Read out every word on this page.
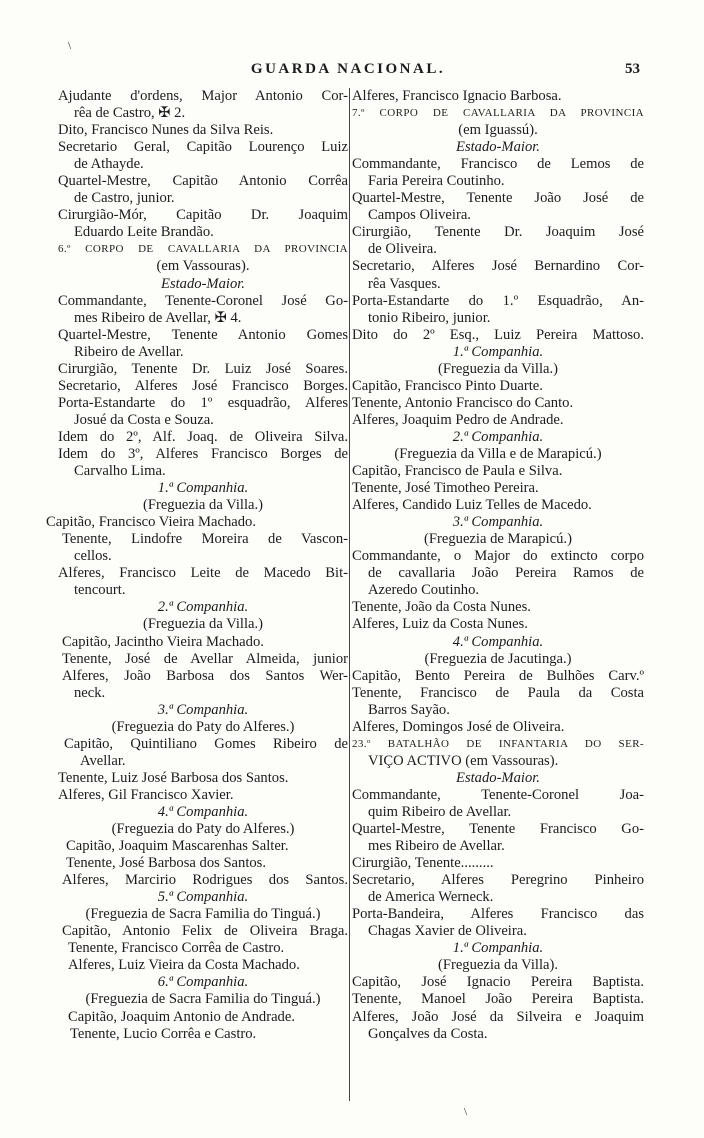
\
GUARDA NACIONAL.	53
Ajudante d'ordens, Major Antonio Cor-
rêa de Castro, ✠ 2.
Dito, Francisco Nunes da Silva Reis.
Secretario Geral, Capitão Lourenço Luiz
de Athayde.
Quartel-Mestre, Capitão Antonio Corrêa
de Castro, junior.
Cirurgião-Mór, Capitão Dr. Joaquim
Eduardo Leite Brandão.
6.º CORPO DE CAVALLARIA DA PROVINCIA
(em Vassouras).
Estado-Maior.
Commandante, Tenente-Coronel José Go-
mes Ribeiro de Avellar, ✠ 4.
Quartel-Mestre, Tenente Antonio Gomes
Ribeiro de Avellar.
Cirurgião, Tenente Dr. Luiz José Soares.
Secretario, Alferes José Francisco Borges.
Porta-Estandarte do 1º esquadrão, Alferes
Josué da Costa e Souza.
Idem do 2º, Alf. Joaq. de Oliveira Silva.
Idem do 3º, Alferes Francisco Borges de
Carvalho Lima.
1.ª Companhia.
(Freguezia da Villa.)
Capitão, Francisco Vieira Machado.
Tenente, Lindofre Moreira de Vascon-
cellos.
Alferes, Francisco Leite de Macedo Bit-
tencourt.
2.ª Companhia.
(Freguezia da Villa.)
Capitão, Jacintho Vieira Machado.
Tenente, José de Avellar Almeida, junior
Alferes, João Barbosa dos Santos Wer-
neck.
3.ª Companhia.
(Freguezia do Paty do Alferes.)
Capitão, Quintiliano Gomes Ribeiro de
Avellar.
Tenente, Luiz José Barbosa dos Santos.
Alferes, Gil Francisco Xavier.
4.ª Companhia.
(Freguezia do Paty do Alferes.)
Capitão, Joaquim Mascarenhas Salter.
Tenente, José Barbosa dos Santos.
Alferes, Marcirio Rodrigues dos Santos.
5.ª Companhia.
(Freguezia de Sacra Familia do Tinguá.)
Capitão, Antonio Felix de Oliveira Braga.
Tenente, Francisco Corrêa de Castro.
Alferes, Luiz Vieira da Costa Machado.
6.ª Companhia.
(Freguezia de Sacra Familia do Tinguá.)
Capitão, Joaquim Antonio de Andrade.
Tenente, Lucio Corrêa e Castro.
Alferes, Francisco Ignacio Barbosa.
7.º CORPO DE CAVALLARIA DA PROVINCIA
(em Iguassú).
Estado-Maior.
Commandante, Francisco de Lemos de
Faria Pereira Coutinho.
Quartel-Mestre, Tenente João José de
Campos Oliveira.
Cirurgião, Tenente Dr. Joaquim José
de Oliveira.
Secretario, Alferes José Bernardino Cor-
rêa Vasques.
Porta-Estandarte do 1.º Esquadrão, An-
tonio Ribeiro, junior.
Dito do 2º Esq., Luiz Pereira Mattoso.
1.ª Companhia.
(Freguezia da Villa.)
Capitão, Francisco Pinto Duarte.
Tenente, Antonio Francisco do Canto.
Alferes, Joaquim Pedro de Andrade.
2.ª Companhia.
(Freguezia da Villa e de Marapicú.)
Capitão, Francisco de Paula e Silva.
Tenente, José Timotheo Pereira.
Alferes, Candido Luiz Telles de Macedo.
3.ª Companhia.
(Freguezia de Marapicú.)
Commandante, o Major do extincto corpo
de cavallaria João Pereira Ramos de
Azeredo Coutinho.
Tenente, João da Costa Nunes.
Alferes, Luiz da Costa Nunes.
4.ª Companhia.
(Freguezia de Jacutinga.)
Capitão, Bento Pereira de Bulhões Carv.º
Tenente, Francisco de Paula da Costa
Barros Sayão.
Alferes, Domingos José de Oliveira.
23.º BATALHÃO DE INFANTARIA DO SER-
VIÇO ACTIVO (em Vassouras).
Estado-Maior.
Commandante, Tenente-Coronel Joa-
quim Ribeiro de Avellar.
Quartel-Mestre, Tenente Francisco Go-
mes Ribeiro de Avellar.
Cirurgião, Tenente.........
Secretario, Alferes Peregrino Pinheiro
de America Werneck.
Porta-Bandeira, Alferes Francisco das
Chagas Xavier de Oliveira.
1.ª Companhia.
(Freguezia da Villa).
Capitão, José Ignacio Pereira Baptista.
Tenente, Manoel João Pereira Baptista.
Alferes, João José da Silveira e Joaquim
Gonçalves da Costa.
\
